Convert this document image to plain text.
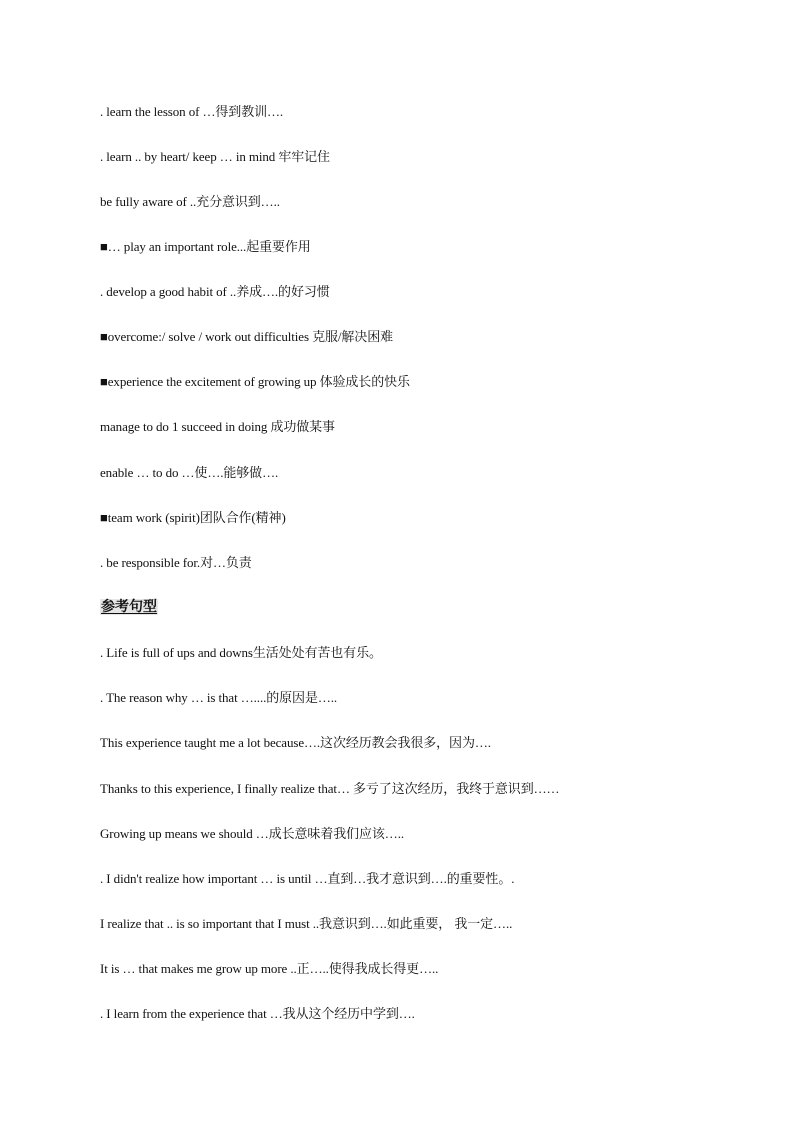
. learn the lesson of …得到教训….
. learn .. by heart/ keep … in mind 牢牢记住
be fully aware of ..充分意识到…..
■… play an important role...起重要作用
. develop a good habit of ..养成….的好习惯
■overcome:/ solve / work out difficulties 克服/解决困难
■experience the excitement of growing up 体验成长的快乐
manage to do 1 succeed in doing 成功做某事
enable … to do …使….能够做….
■team work (spirit)团队合作(精神)
. be responsible for.对…负责
参考句型
. Life is full of ups and downs生活处处有苦也有乐。
. The reason why … is that …....的原因是…..
This experience taught me a lot because….这次经历教会我很多，因为….
Thanks to this experience, I finally realize that… 多亏了这次经历，我终于意识到……
Growing up means we should …成长意味着我们应该…..
. I didn't realize how important … is until …直到…我才意识到….的重要性。.
I realize that .. is so important that I must ..我意识到….如此重要， 我一定…..
It is … that makes me grow up more ..正…..使得我成长得更…..
. I learn from the experience that …我从这个经历中学到….
